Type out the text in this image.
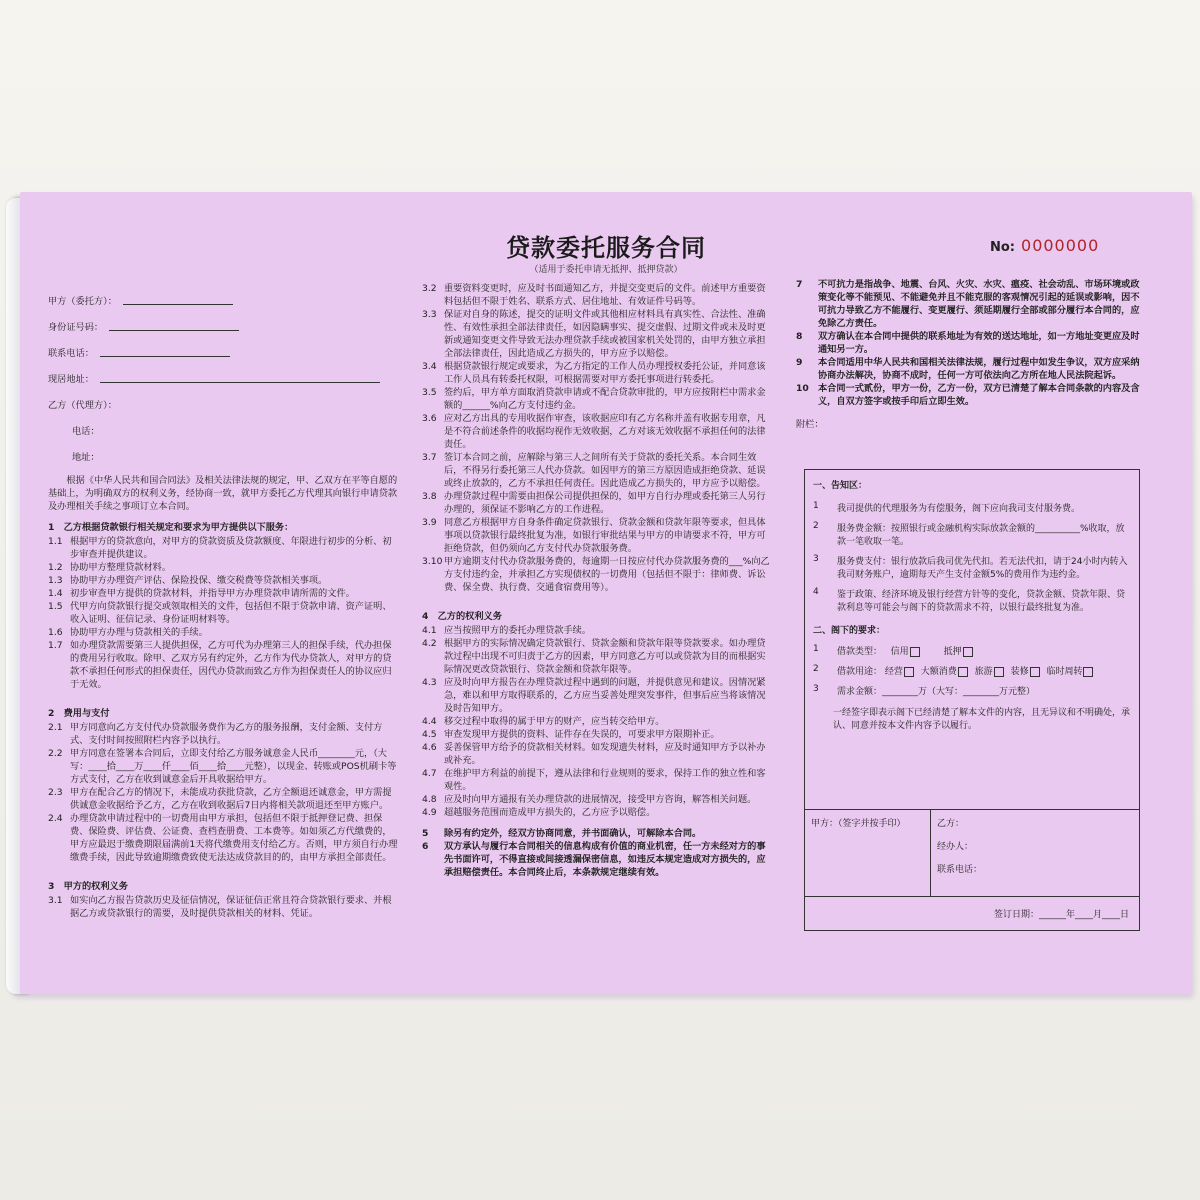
贷款委托服务合同
（适用于委托申请无抵押、抵押贷款）
No: 0000000
甲方（委托方）：
身份证号码：
联系电话：
现居地址：
乙方（代理方）：
电话：
地址：
根据《中华人民共和国合同法》及相关法律法规的规定，甲、乙双方在平等自愿的基础上，为明确双方的权利义务，经协商一致，就甲方委托乙方代理其向银行申请贷款及办理相关手续之事项订立本合同。
1　乙方根据贷款银行相关规定和要求为甲方提供以下服务：
1.1 根据甲方的贷款意向，对甲方的贷款资质及贷款额度、年限进行初步的分析、初步审查并提供建议。
1.2 协助甲方整理贷款材料。
1.3 协助甲方办理资产评估、保险投保、缴交税费等贷款相关事项。
1.4 初步审查甲方提供的贷款材料，并指导甲方办理贷款申请所需的文件。
1.5 代甲方向贷款银行提交或领取相关的文件，包括但不限于贷款申请、资产证明、收入证明、征信记录、身份证明材料等。
1.6 协助甲方办理与贷款相关的手续。
1.7 如办理贷款需要第三人提供担保，乙方可代为办理第三人的担保手续，代办担保的费用另行收取。除甲、乙双方另有约定外，乙方作为代办贷款人，对甲方的贷款不承担任何形式的担保责任，因代办贷款而致乙方作为担保责任人的协议应归于无效。
2　费用与支付
2.1 甲方同意向乙方支付代办贷款服务费作为乙方的服务报酬，支付金额、支付方式、支付时间按照附栏内容予以执行。
2.2 甲方同意在签署本合同后，立即支付给乙方服务诚意金人民币________元，（大写：____拾____万____仟____佰____拾____元整），以现金、转账或POS机刷卡等方式支付，乙方在收到诚意金后开具收据给甲方。
2.3 甲方在配合乙方的情况下，未能成功获批贷款，乙方全额退还诚意金，甲方需提供诚意金收据给予乙方，乙方在收到收据后7日内将相关款项退还至甲方账户。
2.4 办理贷款申请过程中的一切费用由甲方承担，包括但不限于抵押登记费、担保费、保险费、评估费、公证费、查档查册费、工本费等。如如须乙方代缴费的，甲方应最迟于缴费期限届满前1天将代缴费用支付给乙方。否则，甲方须自行办理缴费手续，因此导致逾期缴费致使无法达成贷款目的的，由甲方承担全部责任。
3　甲方的权利义务
3.1 如实向乙方报告贷款历史及征信情况，保证征信正常且符合贷款银行要求、并根据乙方或贷款银行的需要，及时提供贷款相关的材料、凭证。
3.2 重要资料变更时，应及时书面通知乙方，并提交变更后的文件。前述甲方重要资料包括但不限于姓名、联系方式、居住地址、有效证件号码等。
3.3 保证对自身的陈述，提交的证明文件或其他相应材料具有真实性、合法性、准确性、有效性承担全部法律责任，如因隐瞒事实、提交虚假、过期文件或未及时更新或通知变更文件导致无法办理贷款手续或被国家机关处罚的，由甲方独立承担全部法律责任，因此造成乙方损失的，甲方应予以赔偿。
3.4 根据贷款银行规定或要求，为乙方指定的工作人员办理授权委托公证，并同意该工作人员具有转委托权限，可根据需要对甲方委托事项进行转委托。
3.5 签约后，甲方单方面取消贷款申请或不配合贷款审批的，甲方应按附栏中需求金额的______%向乙方支付违约金。
3.6 应对乙方出具的专用收据作审查，该收据应印有乙方名称并盖有收据专用章，凡是不符合前述条件的收据均视作无效收据，乙方对该无效收据不承担任何的法律责任。
3.7 签订本合同之前，应解除与第三人之间所有关于贷款的委托关系。本合同生效后，不得另行委托第三人代办贷款。如因甲方的第三方原因造成拒绝贷款、延误或终止放款的，乙方不承担任何责任。因此造成乙方损失的，甲方应予以赔偿。
3.8 办理贷款过程中需要由担保公司提供担保的，如甲方自行办理或委托第三人另行办理的，须保证不影响乙方的工作进程。
3.9 同意乙方根据甲方自身条件确定贷款银行、贷款金额和贷款年限等要求，但具体事项以贷款银行最终批复为准，如银行审批结果与甲方的申请要求不符，甲方可拒绝贷款，但仍须向乙方支付代办贷款服务费。
3.10 甲方逾期支付代办贷款服务费的，每逾期一日按应付代办贷款服务费的___%向乙方支付违约金，并承担乙方实现债权的一切费用（包括但不限于：律师费、诉讼费、保全费、执行费、交通食宿费用等）。
4　乙方的权利义务
4.1 应当按照甲方的委托办理贷款手续。
4.2 根据甲方的实际情况确定贷款银行、贷款金额和贷款年限等贷款要求。如办理贷款过程中出现不可归责于乙方的因素，甲方同意乙方可以或贷款为目的而根据实际情况更改贷款银行、贷款金额和贷款年限等。
4.3 应及时向甲方报告在办理贷款过程中遇到的问题，并提供意见和建议。因情况紧急，难以和甲方取得联系的，乙方应当妥善处理突发事件，但事后应当将该情况及时告知甲方。
4.4 移交过程中取得的属于甲方的财产，应当转交给甲方。
4.5 审查发现甲方提供的资料、证件存在失误的，可要求甲方限期补正。
4.6 妥善保管甲方给予的贷款相关材料。如发现遗失材料，应及时通知甲方予以补办或补充。
4.7 在维护甲方利益的前提下，遵从法律和行业规则的要求，保持工作的独立性和客观性。
4.8 应及时向甲方通报有关办理贷款的进展情况，接受甲方咨询，解答相关问题。
4.9 超越服务范围而造成甲方损失的，乙方应予以赔偿。
5	除另有约定外，经双方协商同意，并书面确认，可解除本合同。
6	双方承认与履行本合同相关的信息构成有价值的商业机密，任一方未经对方的事先书面许可，不得直接或间接透漏保密信息，如违反本规定造成对方损失的，应承担赔偿责任。本合同终止后，本条款规定继续有效。
7	不可抗力是指战争、地震、台风、火灾、水灾、瘟疫、社会动乱、市场环境或政策变化等不能预见、不能避免并且不能克服的客观情况引起的延误或影响，因不可抗力导致乙方不能履行、变更履行、须延期履行全部或部分履行本合同的，应免除乙方责任。
8	双方确认在本合同中提供的联系地址为有效的送达地址，如一方地址变更应及时通知另一方。
9	本合同适用中华人民共和国相关法律法规，履行过程中如发生争议，双方应采纳协商办法解决，协商不成时，任何一方可依法向乙方所在地人民法院起诉。
10	本合同一式贰份，甲方一份，乙方一份，双方已清楚了解本合同条款的内容及含义，自双方签字或按手印后立即生效。
附栏：
一、告知区：
1	我司提供的代理服务为有偿服务，阁下应向我司支付服务费。
2	服务费金额：按照银行或金融机构实际放款金额的__________%收取，放款一笔收取一笔。
3	服务费支付：银行放款后我司优先代扣。若无法代扣，请于24小时内转入我司财务账户，逾期每天产生支付金额5%的费用作为违约金。
4	鉴于政策、经济环境及银行经营方针等的变化，贷款金额、贷款年限、贷款利息等可能会与阁下的贷款需求不符，以银行最终批复为准。
二、阁下的要求：
1	借款类型： 信用	抵押
2	借款用途： 经营 大额消费 旅游 装修 临时周转
3	需求金额：________万（大写：________万元整）
一经签字即表示阁下已经清楚了解本文件的内容，且无异议和不明确处，承认、同意并按本文件内容予以履行。
甲方：（签字并按手印）	乙方：
经办人：
联系电话：
签订日期：______年____月____日
